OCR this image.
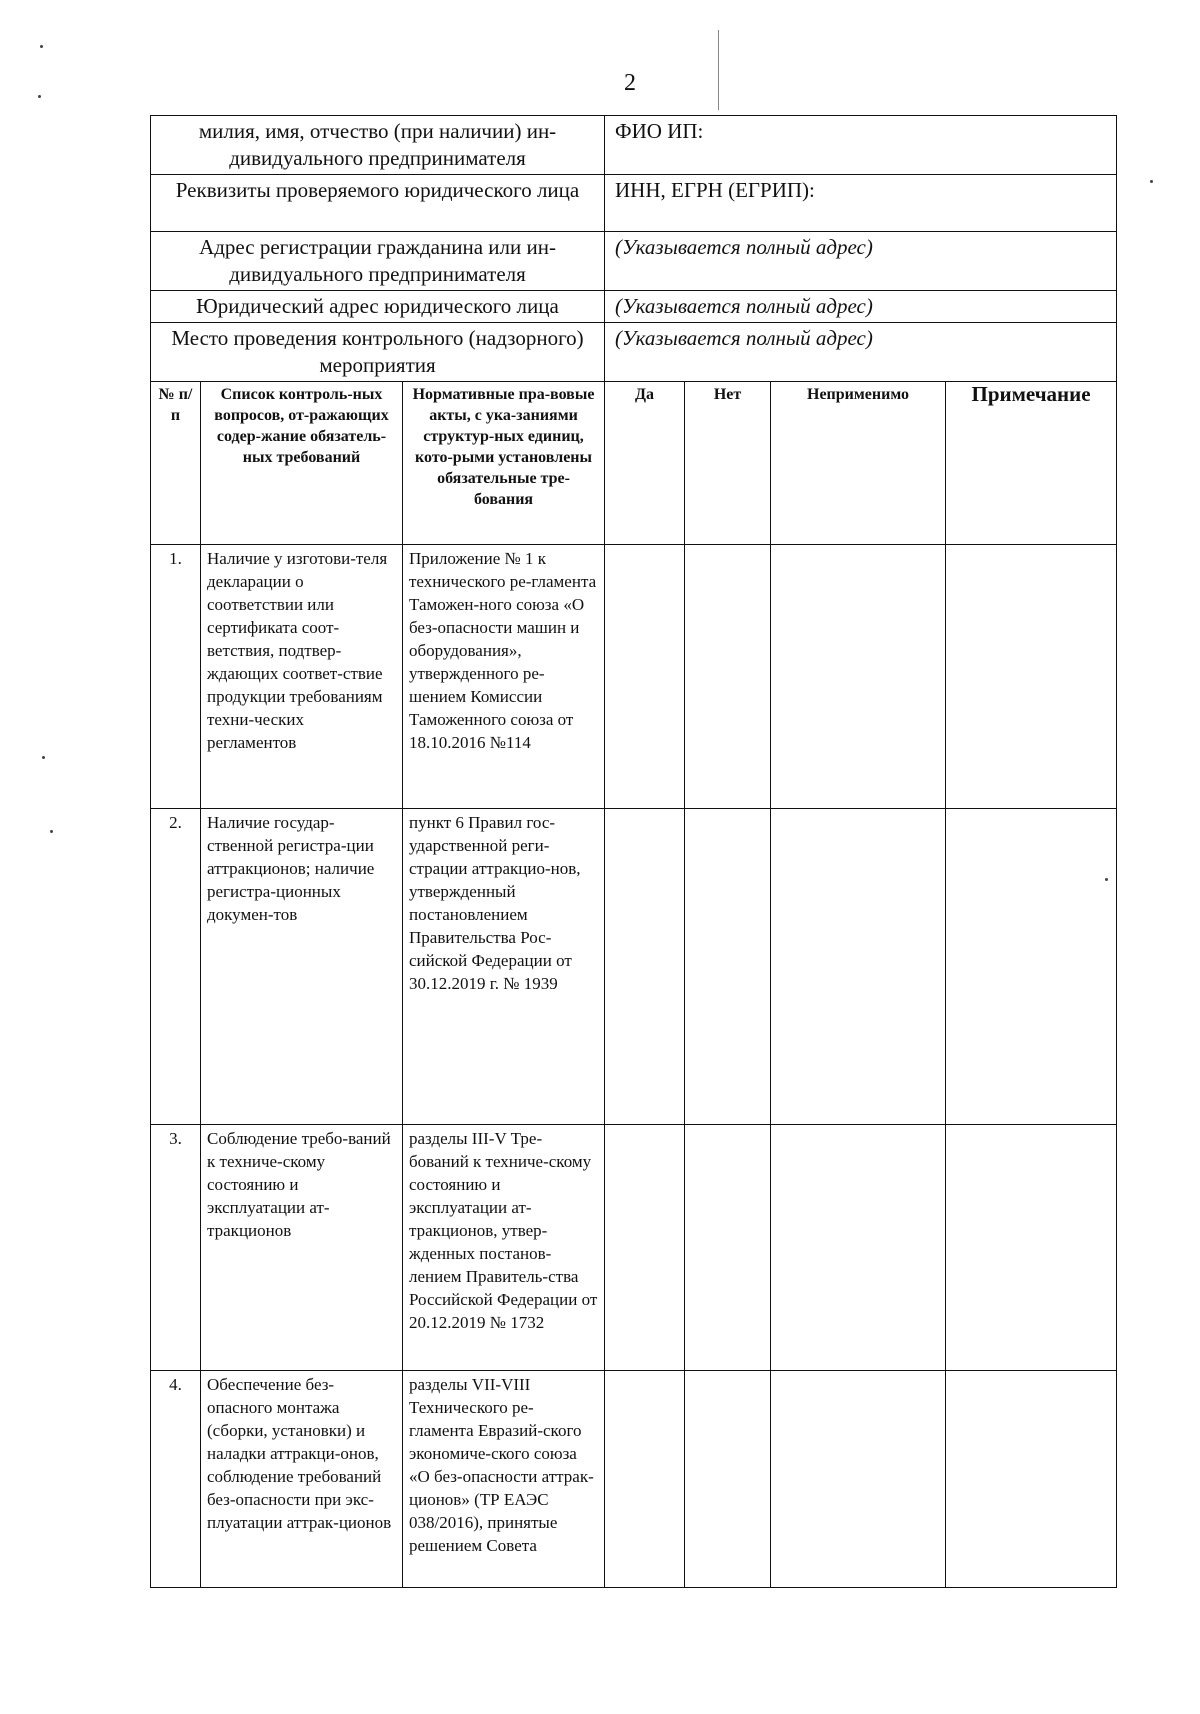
2
милия, имя, отчество (при наличии) ин-дивидуального предпринимателя			ФИО ИП:			
Реквизиты проверяемого юридического лица			ИНН, ЕГРН (ЕГРИП):			
Адрес регистрации гражданина или ин-дивидуального предпринимателя			(Указывается полный адрес)			
Юридический адрес юридического лица			(Указывается полный адрес)			
Место проведения контрольного (надзорного) мероприятия			(Указывается полный адрес)			
№ п/п	Список контроль-ных вопросов, от-ражающих содер-жание обязатель-ных требований	Нормативные пра-вовые акты, с ука-заниями структур-ных единиц, кото-рыми установлены обязательные тре-бования	Да	Нет	Неприменимо	Примечание
1.	Наличие у изготови-теля декларации о соответствии или сертификата соот-ветствия, подтвер-ждающих соответ-ствие продукции требованиям техни-ческих регламентов	Приложение № 1 к технического ре-гламента Таможен-ного союза «О без-опасности машин и оборудования», утвержденного ре-шением Комиссии Таможенного союза от 18.10.2016 №114				
2.	Наличие государ-ственной регистра-ции аттракционов; наличие регистра-ционных докумен-тов	пункт 6 Правил гос-ударственной реги-страции аттракцио-нов, утвержденный постановлением Правительства Рос-сийской Федерации от 30.12.2019 г. № 1939				
3.	Соблюдение требо-ваний к техниче-скому состоянию и эксплуатации ат-тракционов	разделы III-V Тре-бований к техниче-скому состоянию и эксплуатации ат-тракционов, утвер-жденных постанов-лением Правитель-ства Российской Федерации от 20.12.2019 № 1732				
4.	Обеспечение без-опасного монтажа (сборки, установки) и наладки аттракци-онов, соблюдение требований без-опасности при экс-плуатации аттрак-ционов	разделы VII-VIII Технического ре-гламента Евразий-ского экономиче-ского союза «О без-опасности аттрак-ционов» (ТР ЕАЭС 038/2016), принятые решением Совета				
